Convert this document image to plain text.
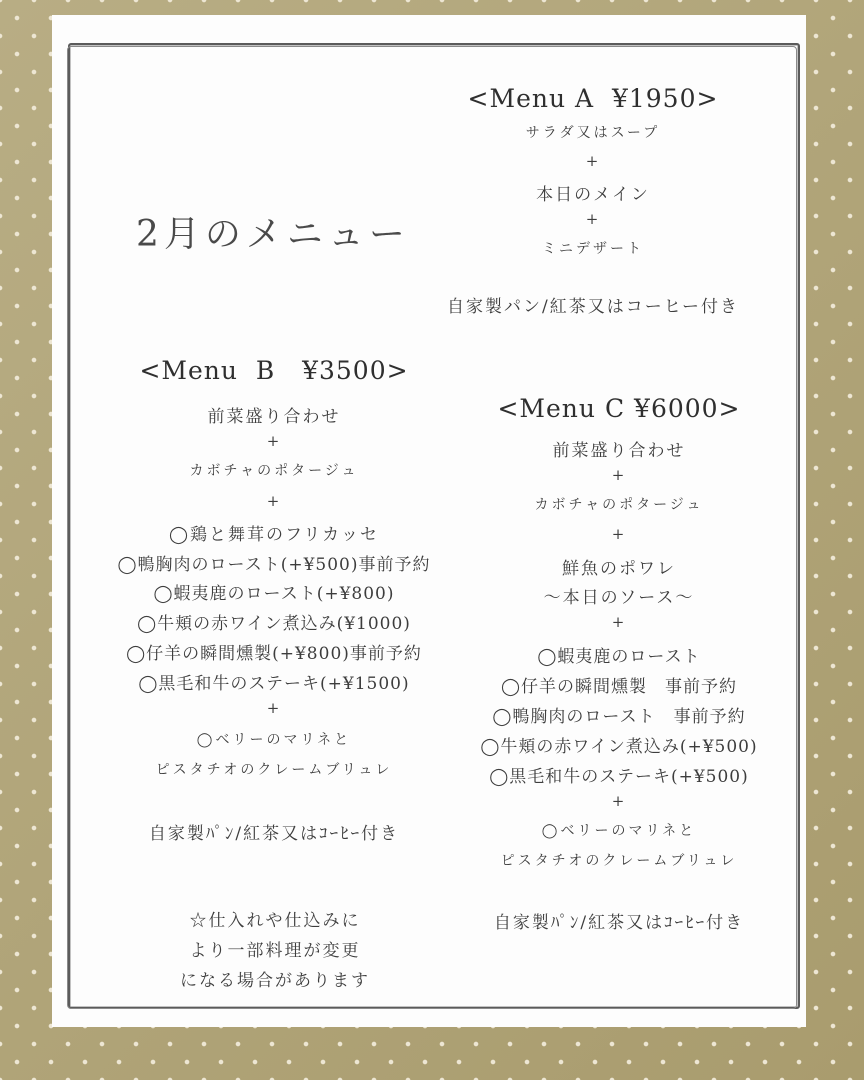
2月のメニュー
<Menu A  ¥1950>
サラダ又はスープ
+
本日のメイン
+
ミニデザート
自家製パン/紅茶又はコーヒー付き
<Menu  B   ¥3500>
前菜盛り合わせ
+
カボチャのポタージュ
+
◯鶏と舞茸のフリカッセ
◯鴨胸肉のロースト(+¥500)事前予約
◯蝦夷鹿のロースト(+¥800)
◯牛頬の赤ワイン煮込み(¥1000)
◯仔羊の瞬間燻製(+¥800)事前予約
◯黒毛和牛のステーキ(+¥1500)
+
◯ベリーのマリネと
ピスタチオのクレームブリュレ
自家製ﾊﾟﾝ/紅茶又はｺｰﾋｰ付き
<Menu C ¥6000>
前菜盛り合わせ
+
カボチャのポタージュ
+
鮮魚のポワレ
〜本日のソース〜
+
◯蝦夷鹿のロースト
◯仔羊の瞬間燻製　事前予約
◯鴨胸肉のロースト　事前予約
◯牛頬の赤ワイン煮込み(+¥500)
◯黒毛和牛のステーキ(+¥500)
+
◯ベリーのマリネと
ピスタチオのクレームブリュレ
自家製ﾊﾟﾝ/紅茶又はｺｰﾋｰ付き
☆仕入れや仕込みに
より一部料理が変更
になる場合があります
